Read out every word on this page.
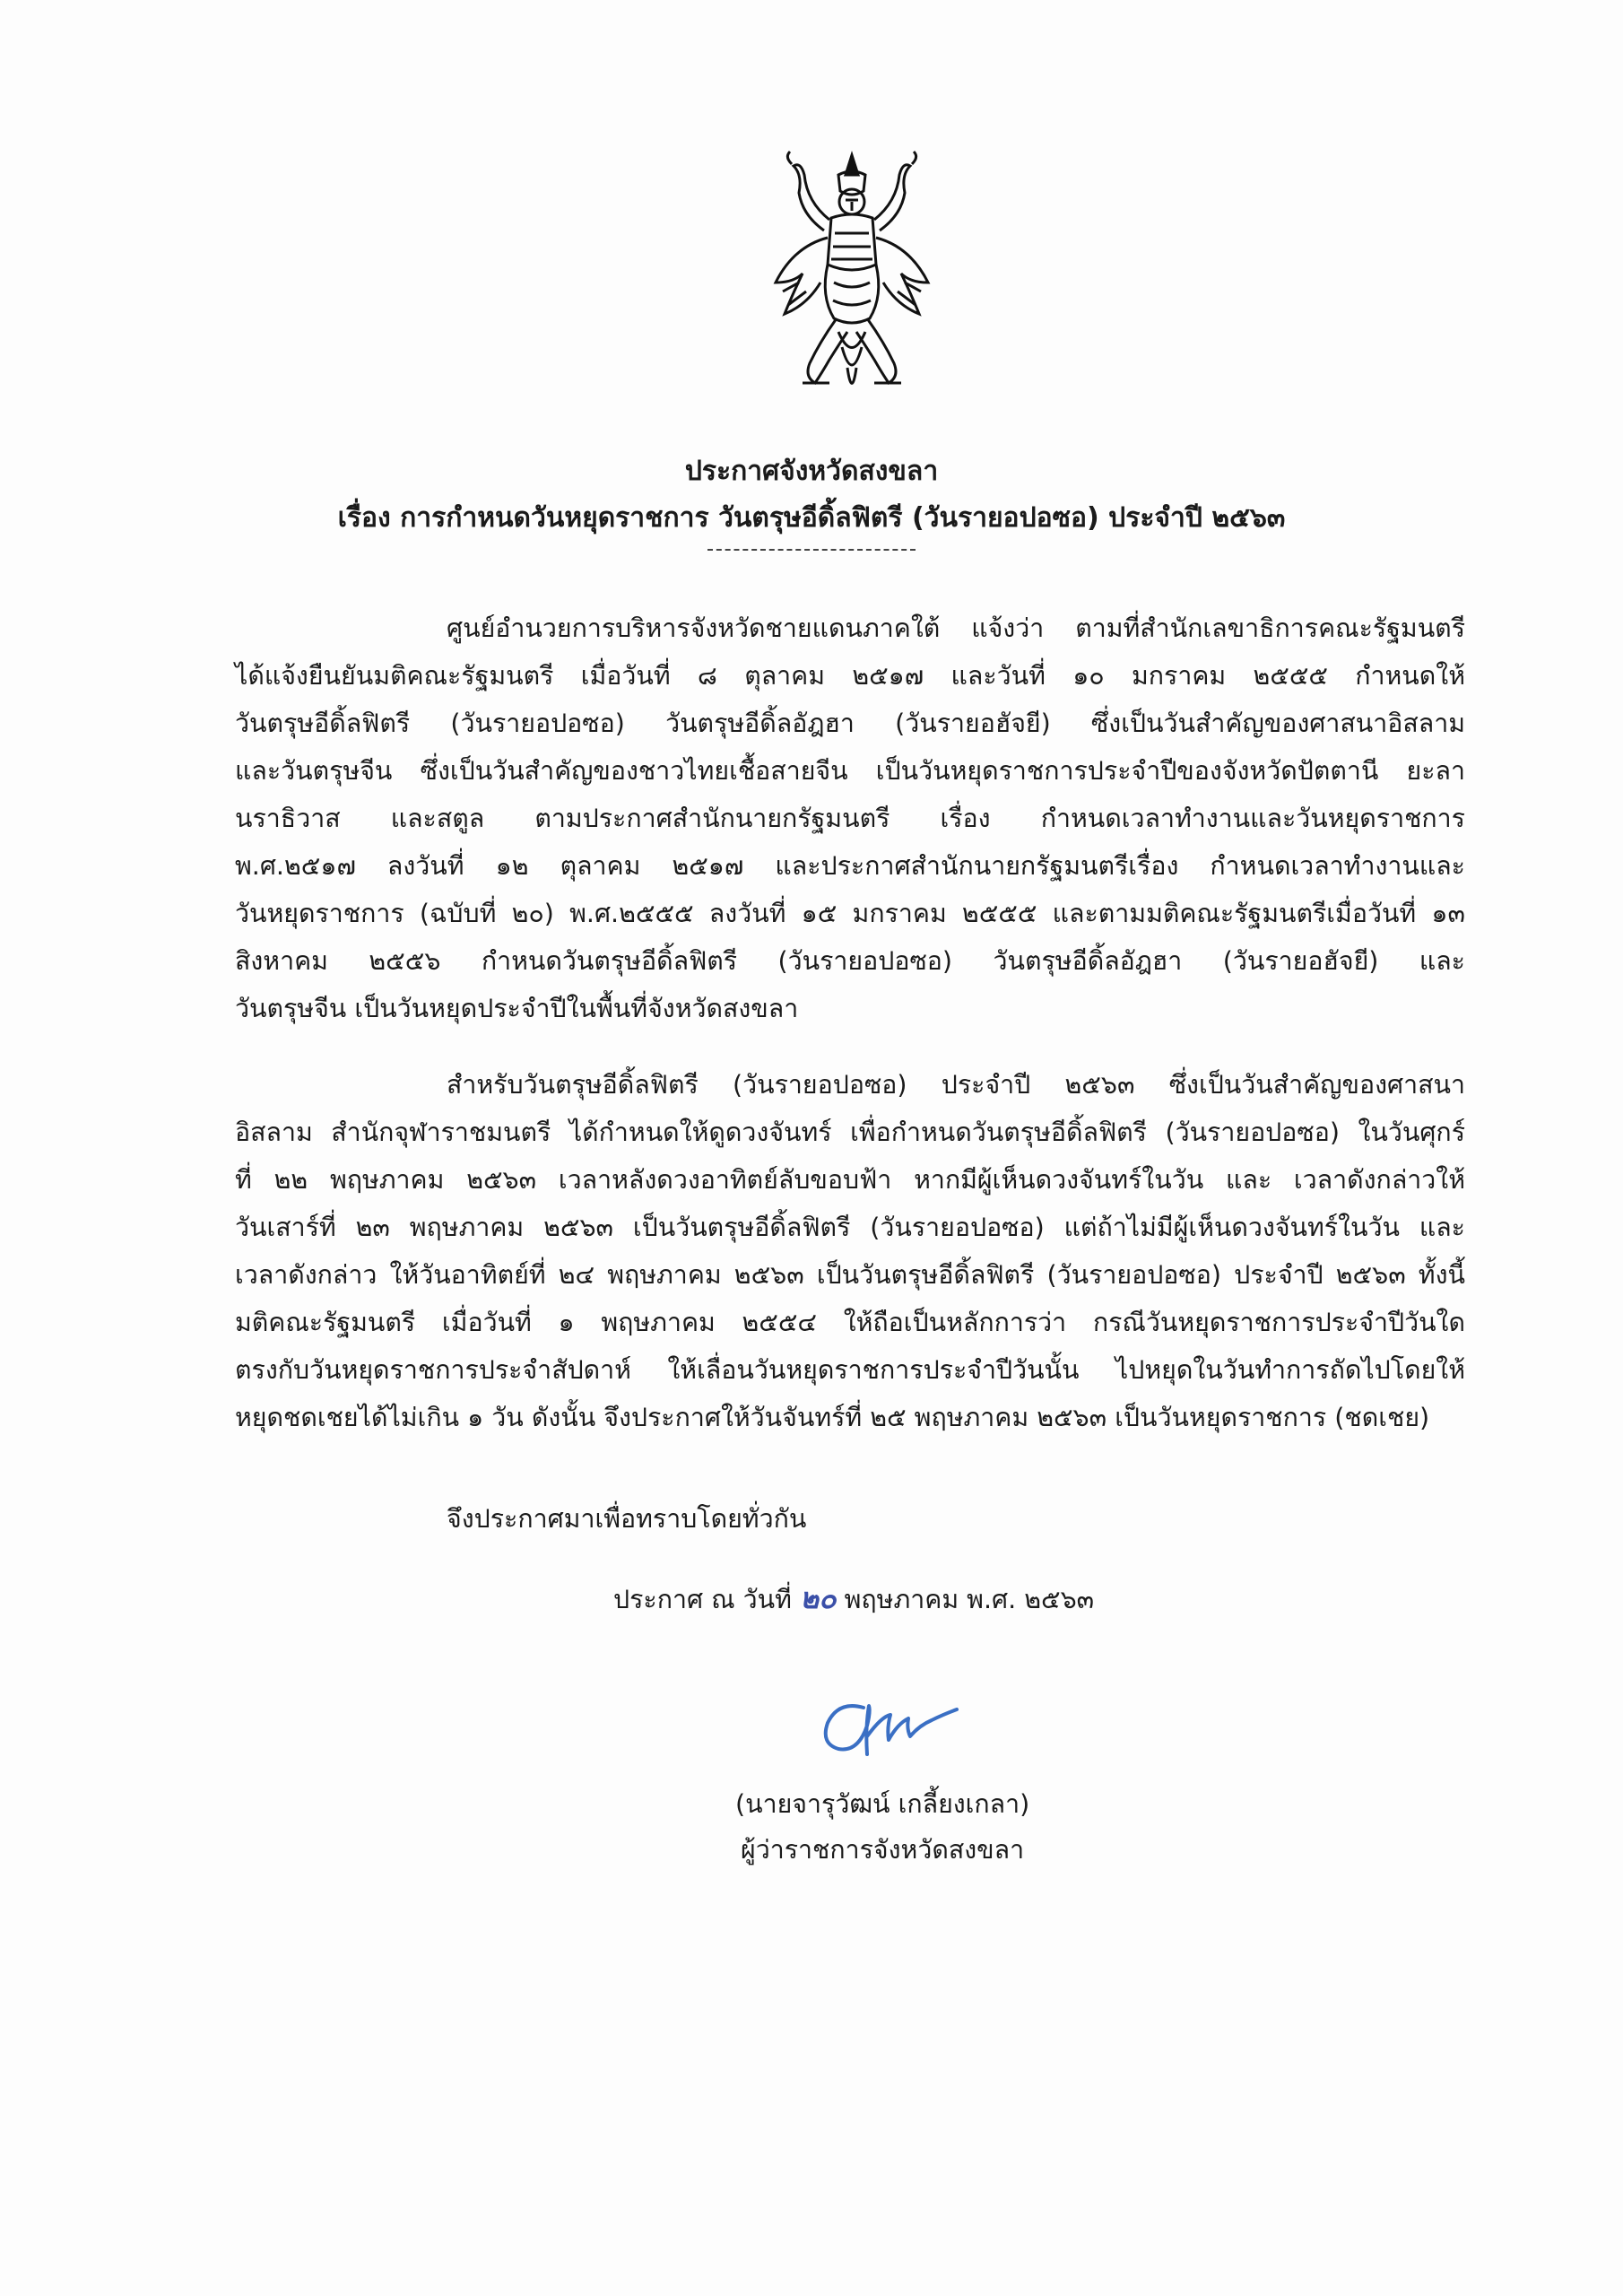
ประกาศจังหวัดสงขลา
เรื่อง การกำหนดวันหยุดราชการ วันตรุษอีดิ้ลฟิตรี (วันรายอปอซอ) ประจำปี ๒๕๖๓
ศูนย์อำนวยการบริหารจังหวัดชายแดนภาคใต้ แจ้งว่า ตามที่สำนักเลขาธิการคณะรัฐมนตรี
ได้แจ้งยืนยันมติคณะรัฐมนตรี เมื่อวันที่ ๘ ตุลาคม ๒๕๑๗ และวันที่ ๑๐ มกราคม ๒๕๕๕ กำหนดให้
วันตรุษอีดิ้ลฟิตรี (วันรายอปอซอ) วันตรุษอีดิ้ลอัฎฮา (วันรายอฮัจยี) ซึ่งเป็นวันสำคัญของศาสนาอิสลาม
และวันตรุษจีน ซึ่งเป็นวันสำคัญของชาวไทยเชื้อสายจีน เป็นวันหยุดราชการประจำปีของจังหวัดปัตตานี ยะลา
นราธิวาส และสตูล ตามประกาศสำนักนายกรัฐมนตรี เรื่อง กำหนดเวลาทำงานและวันหยุดราชการ
พ.ศ.๒๕๑๗ ลงวันที่ ๑๒ ตุลาคม ๒๕๑๗ และประกาศสำนักนายกรัฐมนตรีเรื่อง กำหนดเวลาทำงานและ
วันหยุดราชการ (ฉบับที่ ๒๐) พ.ศ.๒๕๕๕ ลงวันที่ ๑๕ มกราคม ๒๕๕๕ และตามมติคณะรัฐมนตรีเมื่อวันที่ ๑๓
สิงหาคม ๒๕๕๖ กำหนดวันตรุษอีดิ้ลฟิตรี (วันรายอปอซอ) วันตรุษอีดิ้ลอัฎฮา (วันรายอฮัจยี) และ
วันตรุษจีน เป็นวันหยุดประจำปีในพื้นที่จังหวัดสงขลา
สำหรับวันตรุษอีดิ้ลฟิตรี (วันรายอปอซอ) ประจำปี ๒๕๖๓ ซึ่งเป็นวันสำคัญของศาสนา
อิสลาม สำนักจุฬาราชมนตรี ได้กำหนดให้ดูดวงจันทร์ เพื่อกำหนดวันตรุษอีดิ้ลฟิตรี (วันรายอปอซอ) ในวันศุกร์
ที่ ๒๒ พฤษภาคม ๒๕๖๓ เวลาหลังดวงอาทิตย์ลับขอบฟ้า หากมีผู้เห็นดวงจันทร์ในวัน และ เวลาดังกล่าวให้
วันเสาร์ที่ ๒๓ พฤษภาคม ๒๕๖๓ เป็นวันตรุษอีดิ้ลฟิตรี (วันรายอปอซอ) แต่ถ้าไม่มีผู้เห็นดวงจันทร์ในวัน และ
เวลาดังกล่าว ให้วันอาทิตย์ที่ ๒๔ พฤษภาคม ๒๕๖๓ เป็นวันตรุษอีดิ้ลฟิตรี (วันรายอปอซอ) ประจำปี ๒๕๖๓ ทั้งนี้
มติคณะรัฐมนตรี เมื่อวันที่ ๑ พฤษภาคม ๒๕๕๔ ให้ถือเป็นหลักการว่า กรณีวันหยุดราชการประจำปีวันใด
ตรงกับวันหยุดราชการประจำสัปดาห์ ให้เลื่อนวันหยุดราชการประจำปีวันนั้น ไปหยุดในวันทำการถัดไปโดยให้
หยุดชดเชยได้ไม่เกิน ๑ วัน ดังนั้น จึงประกาศให้วันจันทร์ที่ ๒๕ พฤษภาคม ๒๕๖๓ เป็นวันหยุดราชการ (ชดเชย)
จึงประกาศมาเพื่อทราบโดยทั่วกัน
ประกาศ ณ วันที่ ๒๐ พฤษภาคม พ.ศ. ๒๕๖๓
(นายจารุวัฒน์ เกลี้ยงเกลา)
ผู้ว่าราชการจังหวัดสงขลา
